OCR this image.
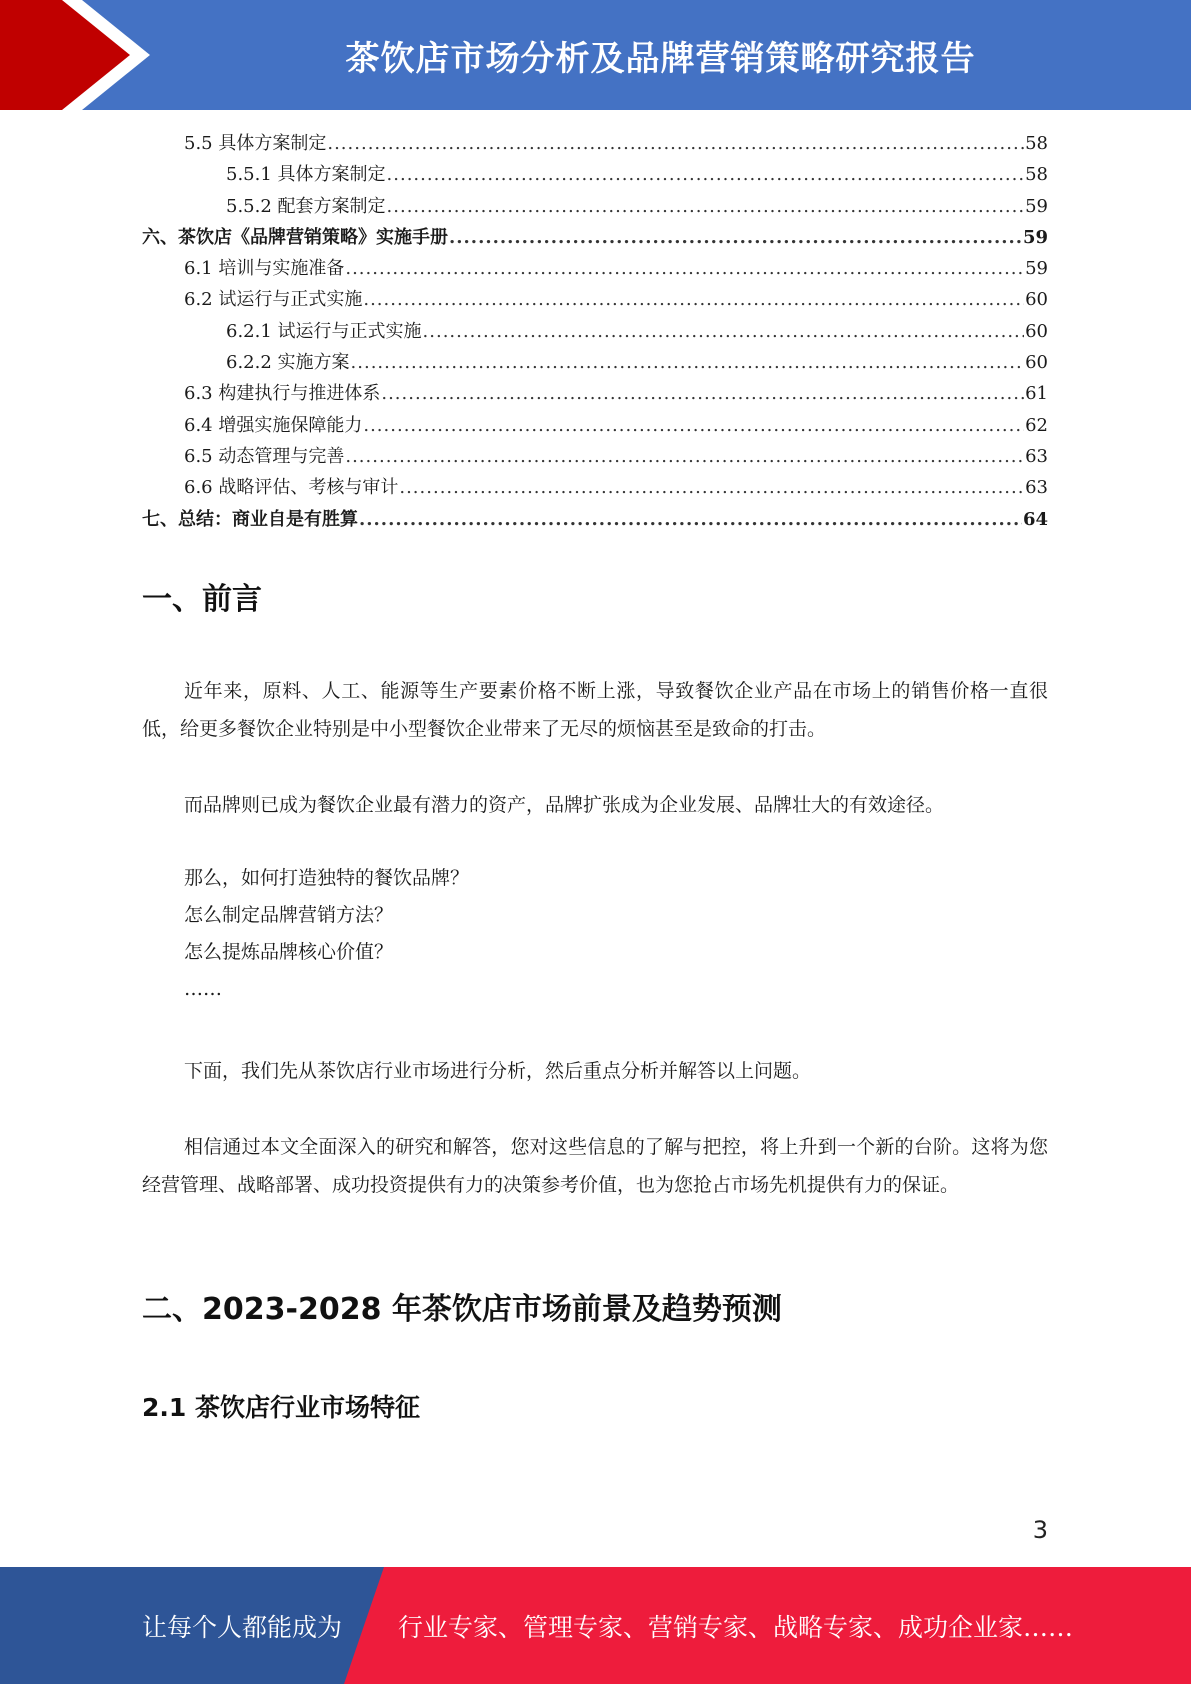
茶饮店市场分析及品牌营销策略研究报告
5.5 具体方案制定 .....	58
5.5.1 具体方案制定 .....	58
5.5.2 配套方案制定 .....	59
六、茶饮店《品牌营销策略》实施手册 .....	59
6.1 培训与实施准备 .....	59
6.2 试运行与正式实施 .....	60
6.2.1 试运行与正式实施 .....	60
6.2.2 实施方案 .....	60
6.3 构建执行与推进体系 .....	61
6.4 增强实施保障能力 .....	62
6.5 动态管理与完善 .....	63
6.6 战略评估、考核与审计 .....	63
七、总结：商业自是有胜算 .....	64
一、前言

近年来，原料、人工、能源等生产要素价格不断上涨，导致餐饮企业产品在市场上的销售价格一直很低，给更多餐饮企业特别是中小型餐饮企业带来了无尽的烦恼甚至是致命的打击。

而品牌则已成为餐饮企业最有潜力的资产，品牌扩张成为企业发展、品牌壮大的有效途径。

那么，如何打造独特的餐饮品牌？

怎么制定品牌营销方法？

怎么提炼品牌核心价值？

……

下面，我们先从茶饮店行业市场进行分析，然后重点分析并解答以上问题。

相信通过本文全面深入的研究和解答，您对这些信息的了解与把控，将上升到一个新的台阶。这将为您经营管理、战略部署、成功投资提供有力的决策参考价值，也为您抢占市场先机提供有力的保证。

二、2023-2028 年茶饮店市场前景及趋势预测
2.1 茶饮店行业市场特征
3
让每个人都能成为 行业专家、管理专家、营销专家、战略专家、成功企业家……
